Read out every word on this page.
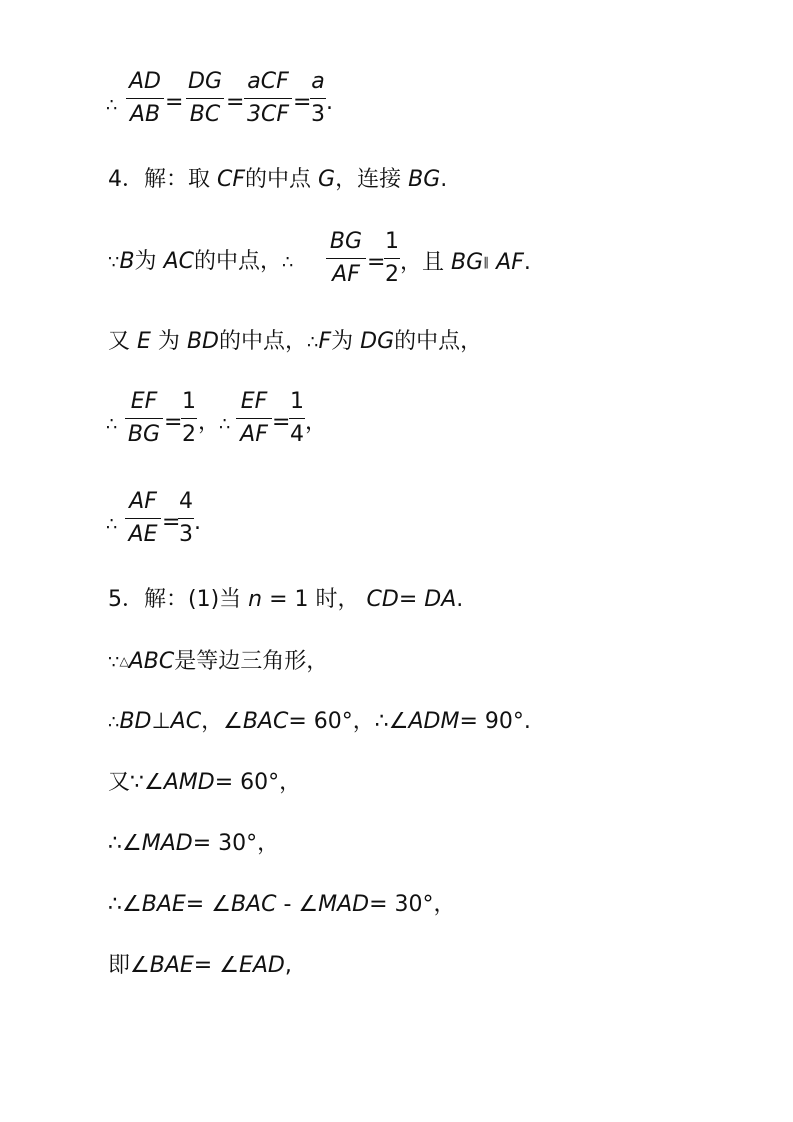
∴
AD
AB =
DG
BC =
aCF
3CF =
a
3 .
4．解：取 CF的中点 G，连接 BG.
∵B为 AC的中点，∴
BG
AF =
1
2 ，且 BG∥ AF.
又 E 为 BD的中点，∴F为 DG的中点，
∴
EF
BG =
1
2 ，
∴
EF
AF =
1
4 ，
∴
AF
AE =
4
3 .
5．解：(1)当 n = 1 时， CD= DA.
∵△ABC是等边三角形，
∴BD⊥AC，∠BAC= 60°，∴∠ADM= 90°.
又∵∠AMD= 60°，
∴∠MAD= 30°，
∴∠BAE= ∠BAC - ∠MAD= 30°，
即∠BAE= ∠EAD,
